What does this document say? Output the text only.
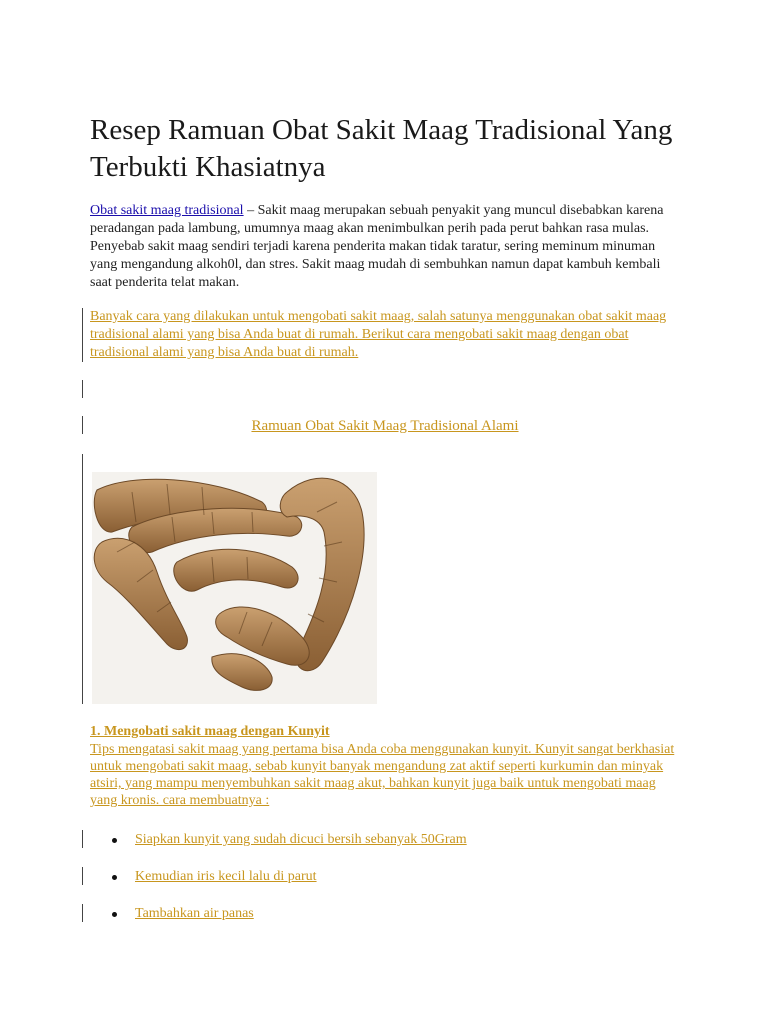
Resep Ramuan Obat Sakit Maag Tradisional Yang Terbukti Khasiatnya

Obat sakit maag tradisional – Sakit maag merupakan sebuah penyakit yang muncul disebabkan karena peradangan pada lambung, umumnya maag akan menimbulkan perih pada perut bahkan rasa mulas. Penyebab sakit maag sendiri terjadi karena penderita makan tidak taratur, sering meminum minuman yang mengandung alkoh0l, dan stres. Sakit maag mudah di sembuhkan namun dapat kambuh kembali saat penderita telat makan.

Banyak cara yang dilakukan untuk mengobati sakit maag, salah satunya menggunakan obat sakit maag tradisional alami yang bisa Anda buat di rumah. Berikut cara mengobati sakit maag dengan obat tradisional alami yang bisa Anda buat di rumah.

Ramuan Obat Sakit Maag Tradisional Alami
1. Mengobati sakit maag dengan Kunyit

Tips mengatasi sakit maag yang pertama bisa Anda coba menggunakan kunyit. Kunyit sangat berkhasiat untuk mengobati sakit maag, sebab kunyit banyak mengandung zat aktif seperti kurkumin dan minyak atsiri, yang mampu menyembuhkan sakit maag akut, bahkan kunyit juga baik untuk mengobati maag yang kronis. cara membuatnya :

Siapkan kunyit yang sudah dicuci bersih sebanyak 50Gram
Kemudian iris kecil lalu di parut
Tambahkan air panas
